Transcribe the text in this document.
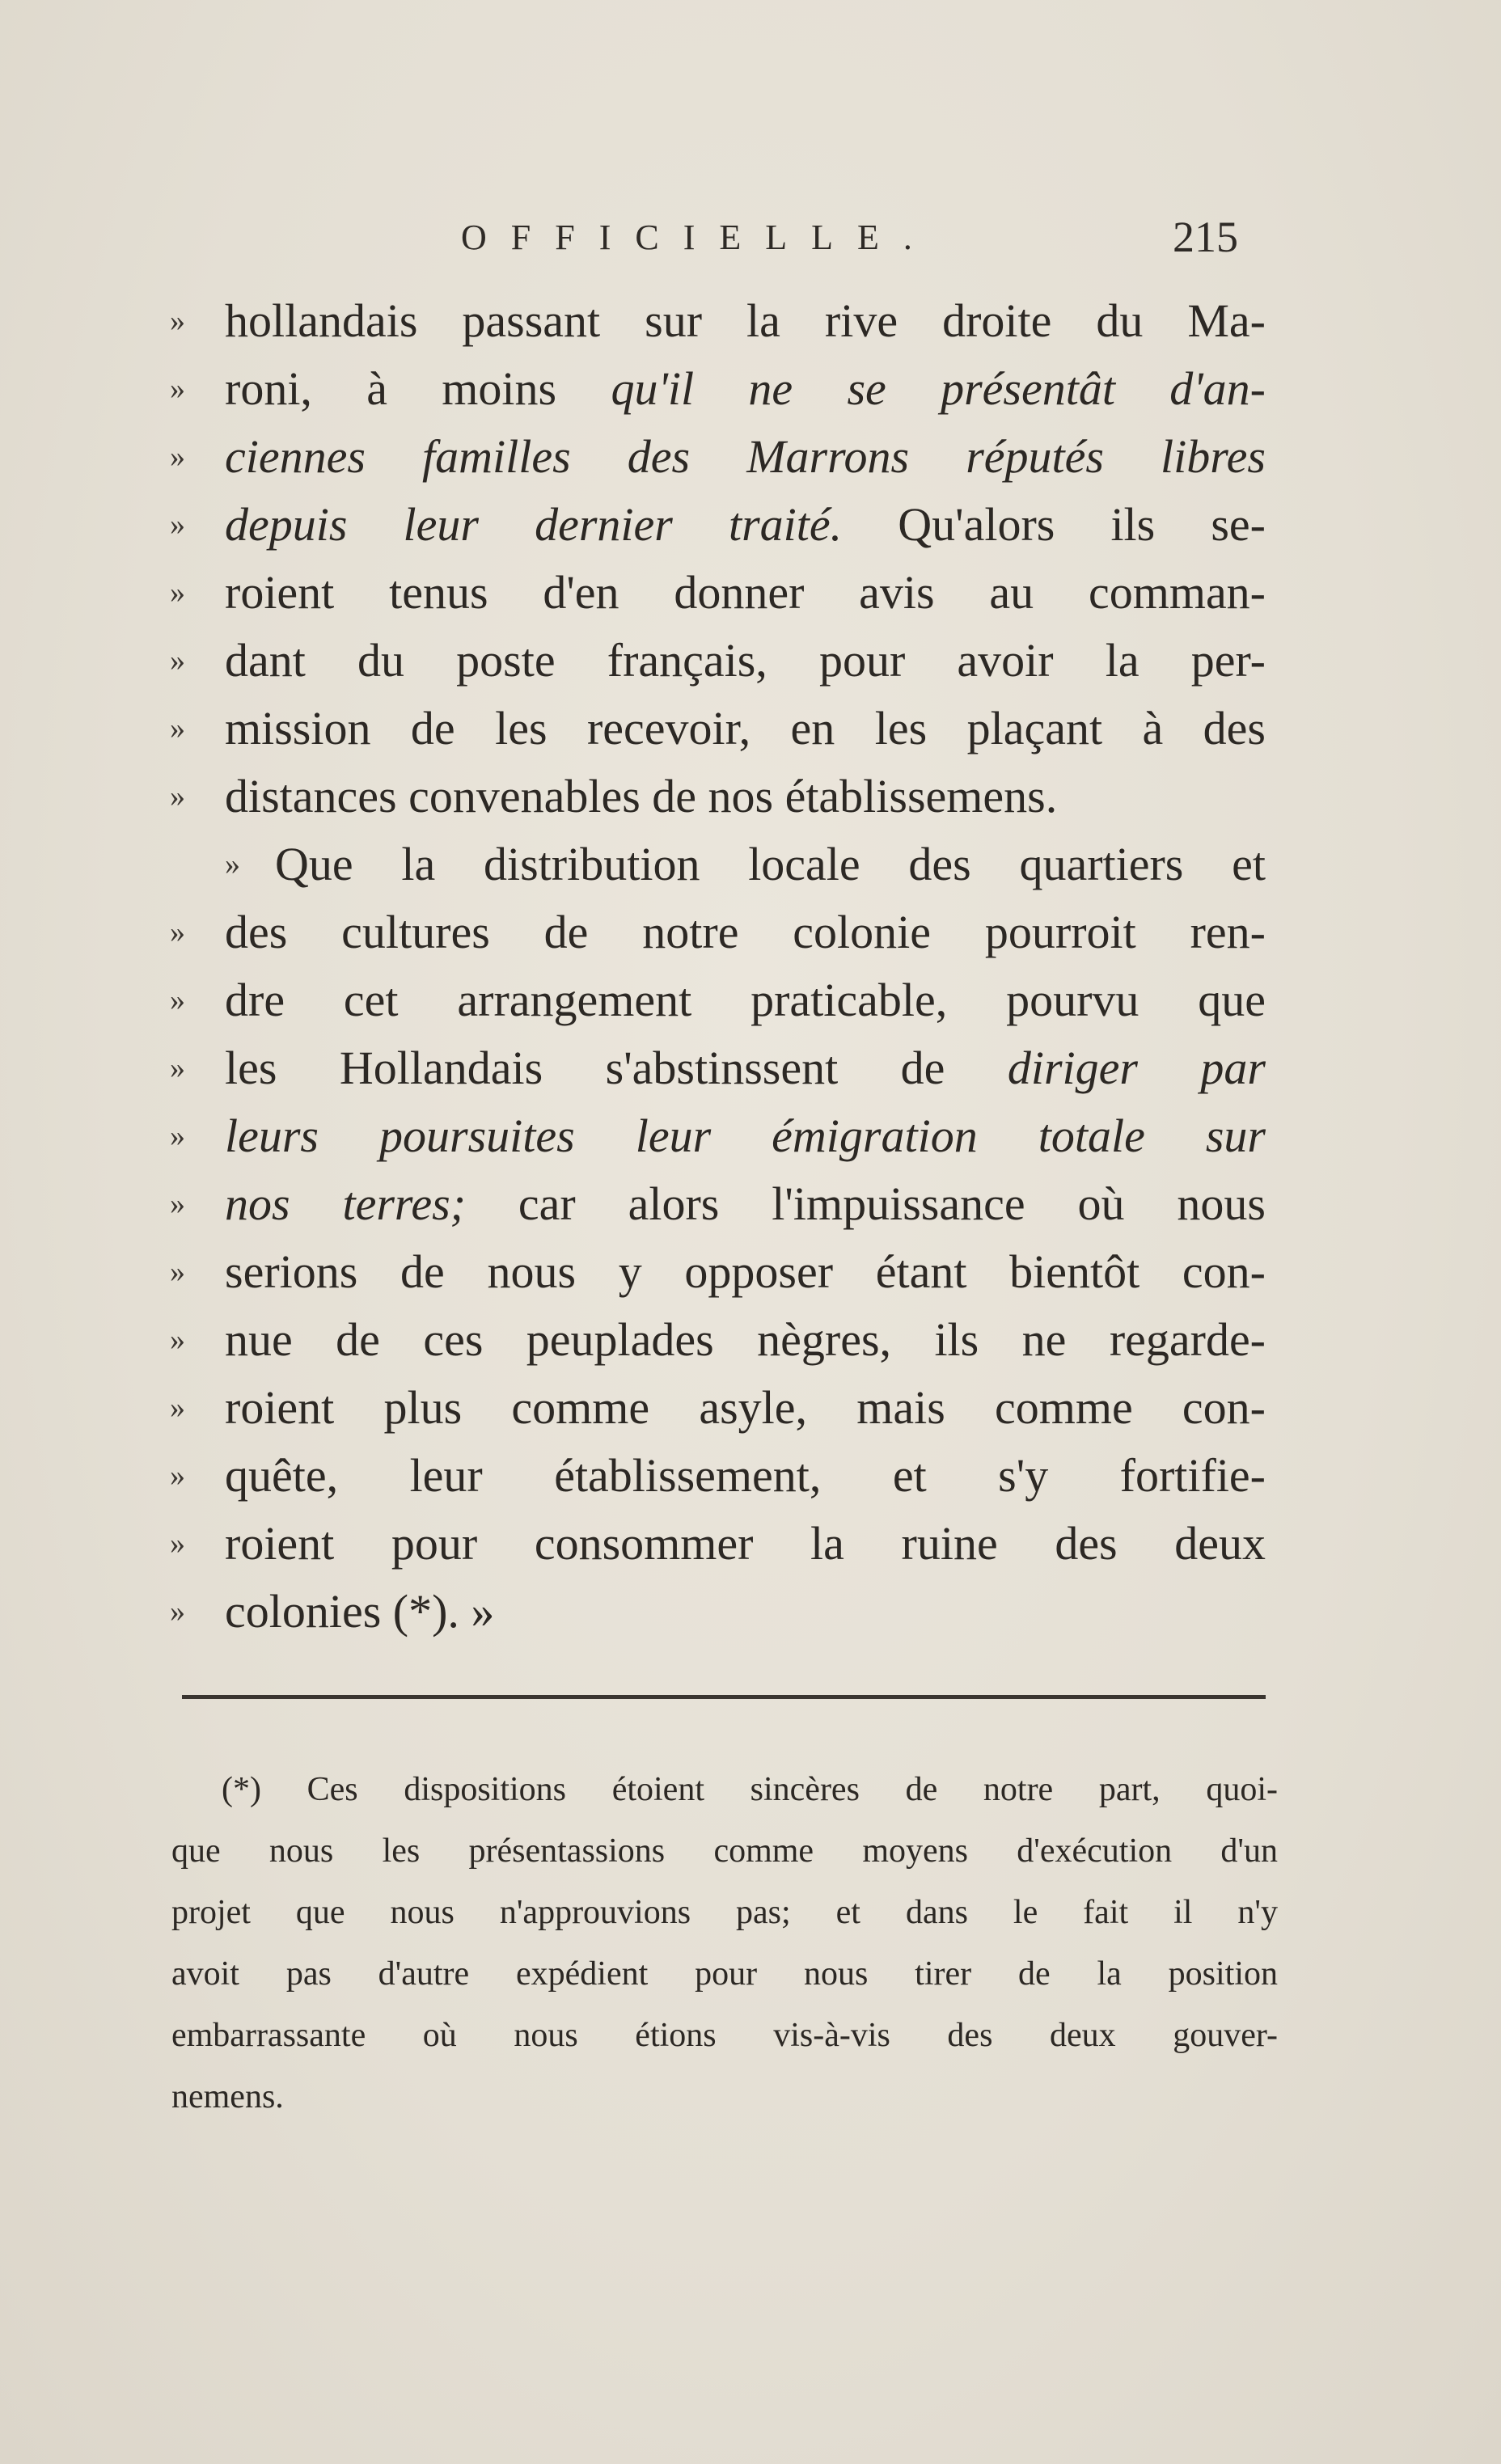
OFFICIELLE.	215
» hollandais passant sur la rive droite du Ma-
» roni, à moins qu'il ne se présentât d'an-
» ciennes familles des Marrons réputés libres
» depuis leur dernier traité. Qu'alors ils se-
» roient tenus d'en donner avis au comman-
» dant du poste français, pour avoir la per-
» mission de les recevoir, en les plaçant à des
» distances convenables de nos établissemens.
» Que la distribution locale des quartiers et
» des cultures de notre colonie pourroit ren-
» dre cet arrangement praticable, pourvu que
» les Hollandais s'abstinssent de diriger par
» leurs poursuites leur émigration totale sur
» nos terres; car alors l'impuissance où nous
» serions de nous y opposer étant bientôt con-
» nue de ces peuplades nègres, ils ne regarde-
» roient plus comme asyle, mais comme con-
» quête, leur établissement, et s'y fortifie-
» roient pour consommer la ruine des deux
» colonies (*). »
(*) Ces dispositions étoient sincères de notre part, quoi-
que nous les présentassions comme moyens d'exécution d'un
projet que nous n'approuvions pas; et dans le fait il n'y
avoit pas d'autre expédient pour nous tirer de la position
embarrassante où nous étions vis-à-vis des deux gouver-
nemens.
